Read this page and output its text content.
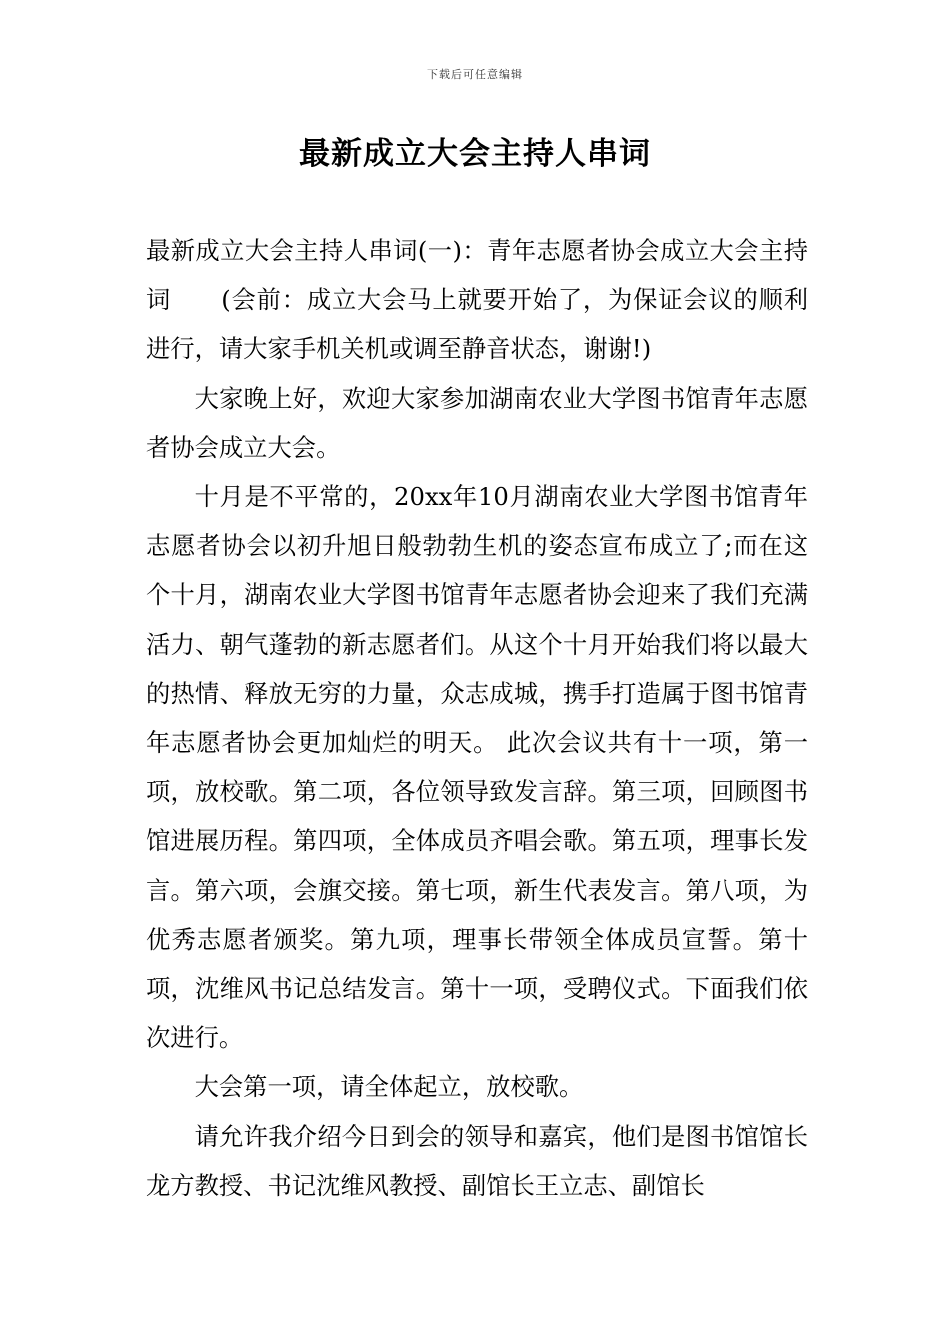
下载后可任意编辑
最新成立大会主持人串词

最新成立大会主持人串词(一)：青年志愿者协会成立大会主持词　　(会前：成立大会马上就要开始了，为保证会议的顺利进行，请大家手机关机或调至静音状态，谢谢!)

大家晚上好，欢迎大家参加湖南农业大学图书馆青年志愿者协会成立大会。

十月是不平常的，20xx年10月湖南农业大学图书馆青年志愿者协会以初升旭日般勃勃生机的姿态宣布成立了;而在这个十月，湖南农业大学图书馆青年志愿者协会迎来了我们充满活力、朝气蓬勃的新志愿者们。从这个十月开始我们将以最大的热情、释放无穷的力量，众志成城，携手打造属于图书馆青年志愿者协会更加灿烂的明天。 此次会议共有十一项，第一项，放校歌。第二项，各位领导致发言辞。第三项，回顾图书馆进展历程。第四项，全体成员齐唱会歌。第五项，理事长发言。第六项，会旗交接。第七项，新生代表发言。第八项，为优秀志愿者颁奖。第九项，理事长带领全体成员宣誓。第十项，沈维风书记总结发言。第十一项，受聘仪式。下面我们依次进行。

大会第一项，请全体起立，放校歌。

请允许我介绍今日到会的领导和嘉宾，他们是图书馆馆长龙方教授、书记沈维风教授、副馆长王立志、副馆长
